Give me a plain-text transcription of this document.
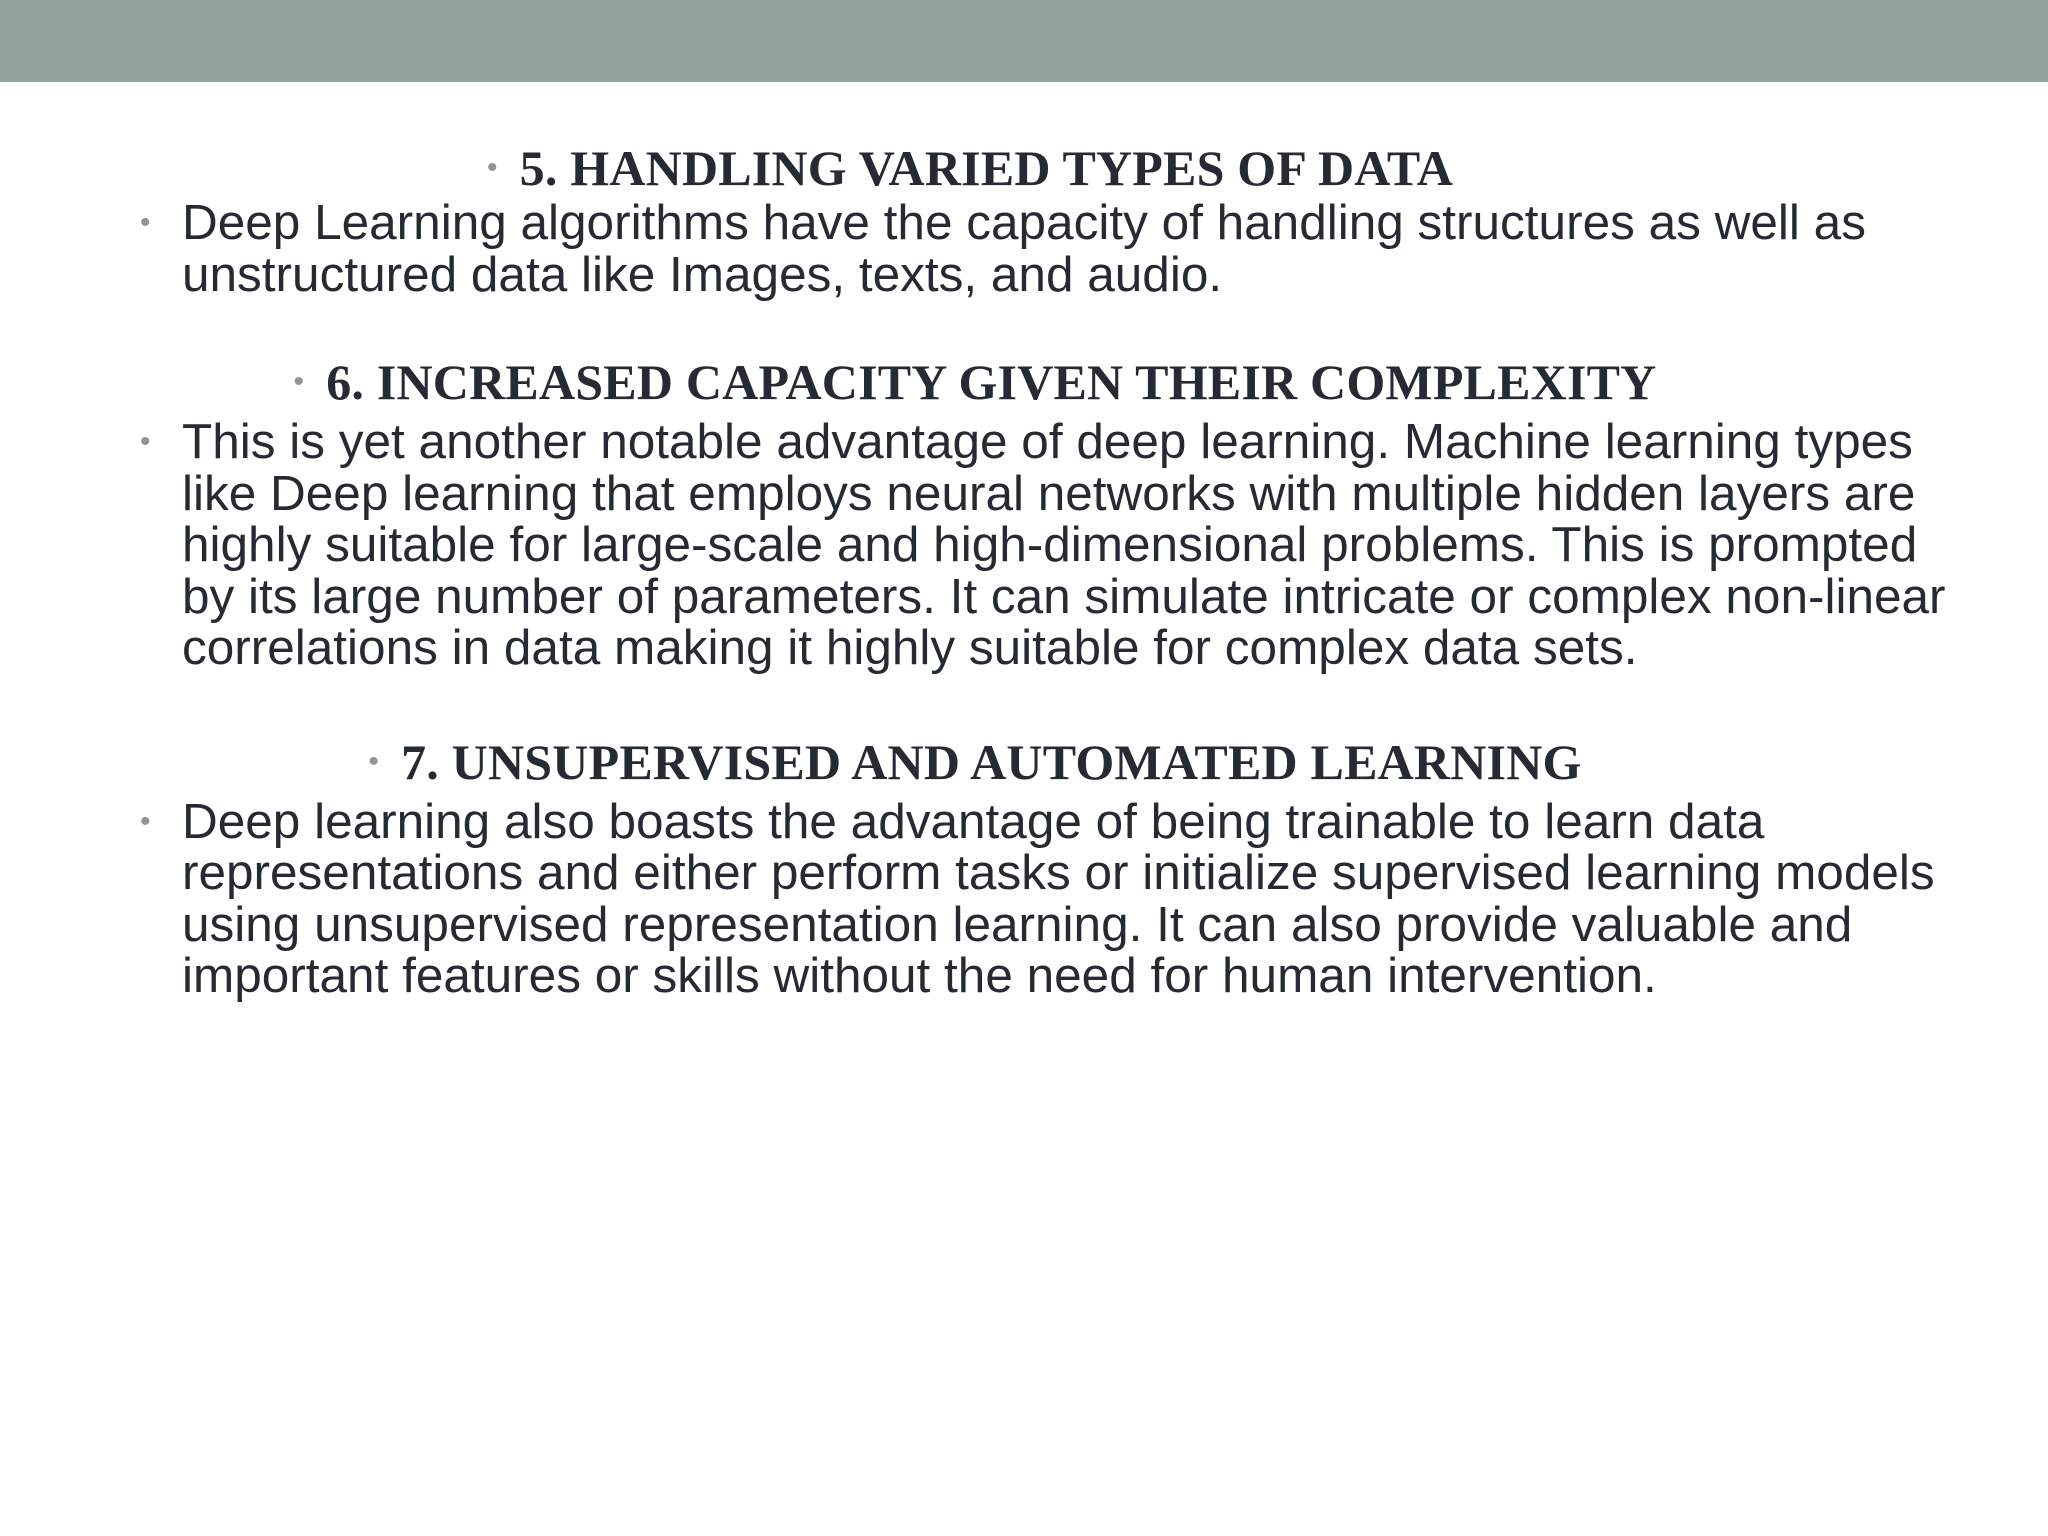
• 5. HANDLING VARIED TYPES OF DATA
• Deep Learning algorithms have the capacity of handling structures as well as unstructured data like Images, texts, and audio.
• 6. INCREASED CAPACITY GIVEN THEIR COMPLEXITY
• This is yet another notable advantage of deep learning. Machine learning types like Deep learning that employs neural networks with multiple hidden layers are highly suitable for large-scale and high-dimensional problems. This is prompted by its large number of parameters. It can simulate intricate or complex non-linear correlations in data making it highly suitable for complex data sets.
• 7. UNSUPERVISED AND AUTOMATED LEARNING
• Deep learning also boasts the advantage of being trainable to learn data representations and either perform tasks or initialize supervised learning models using unsupervised representation learning. It can also provide valuable and important features or skills without the need for human intervention.
